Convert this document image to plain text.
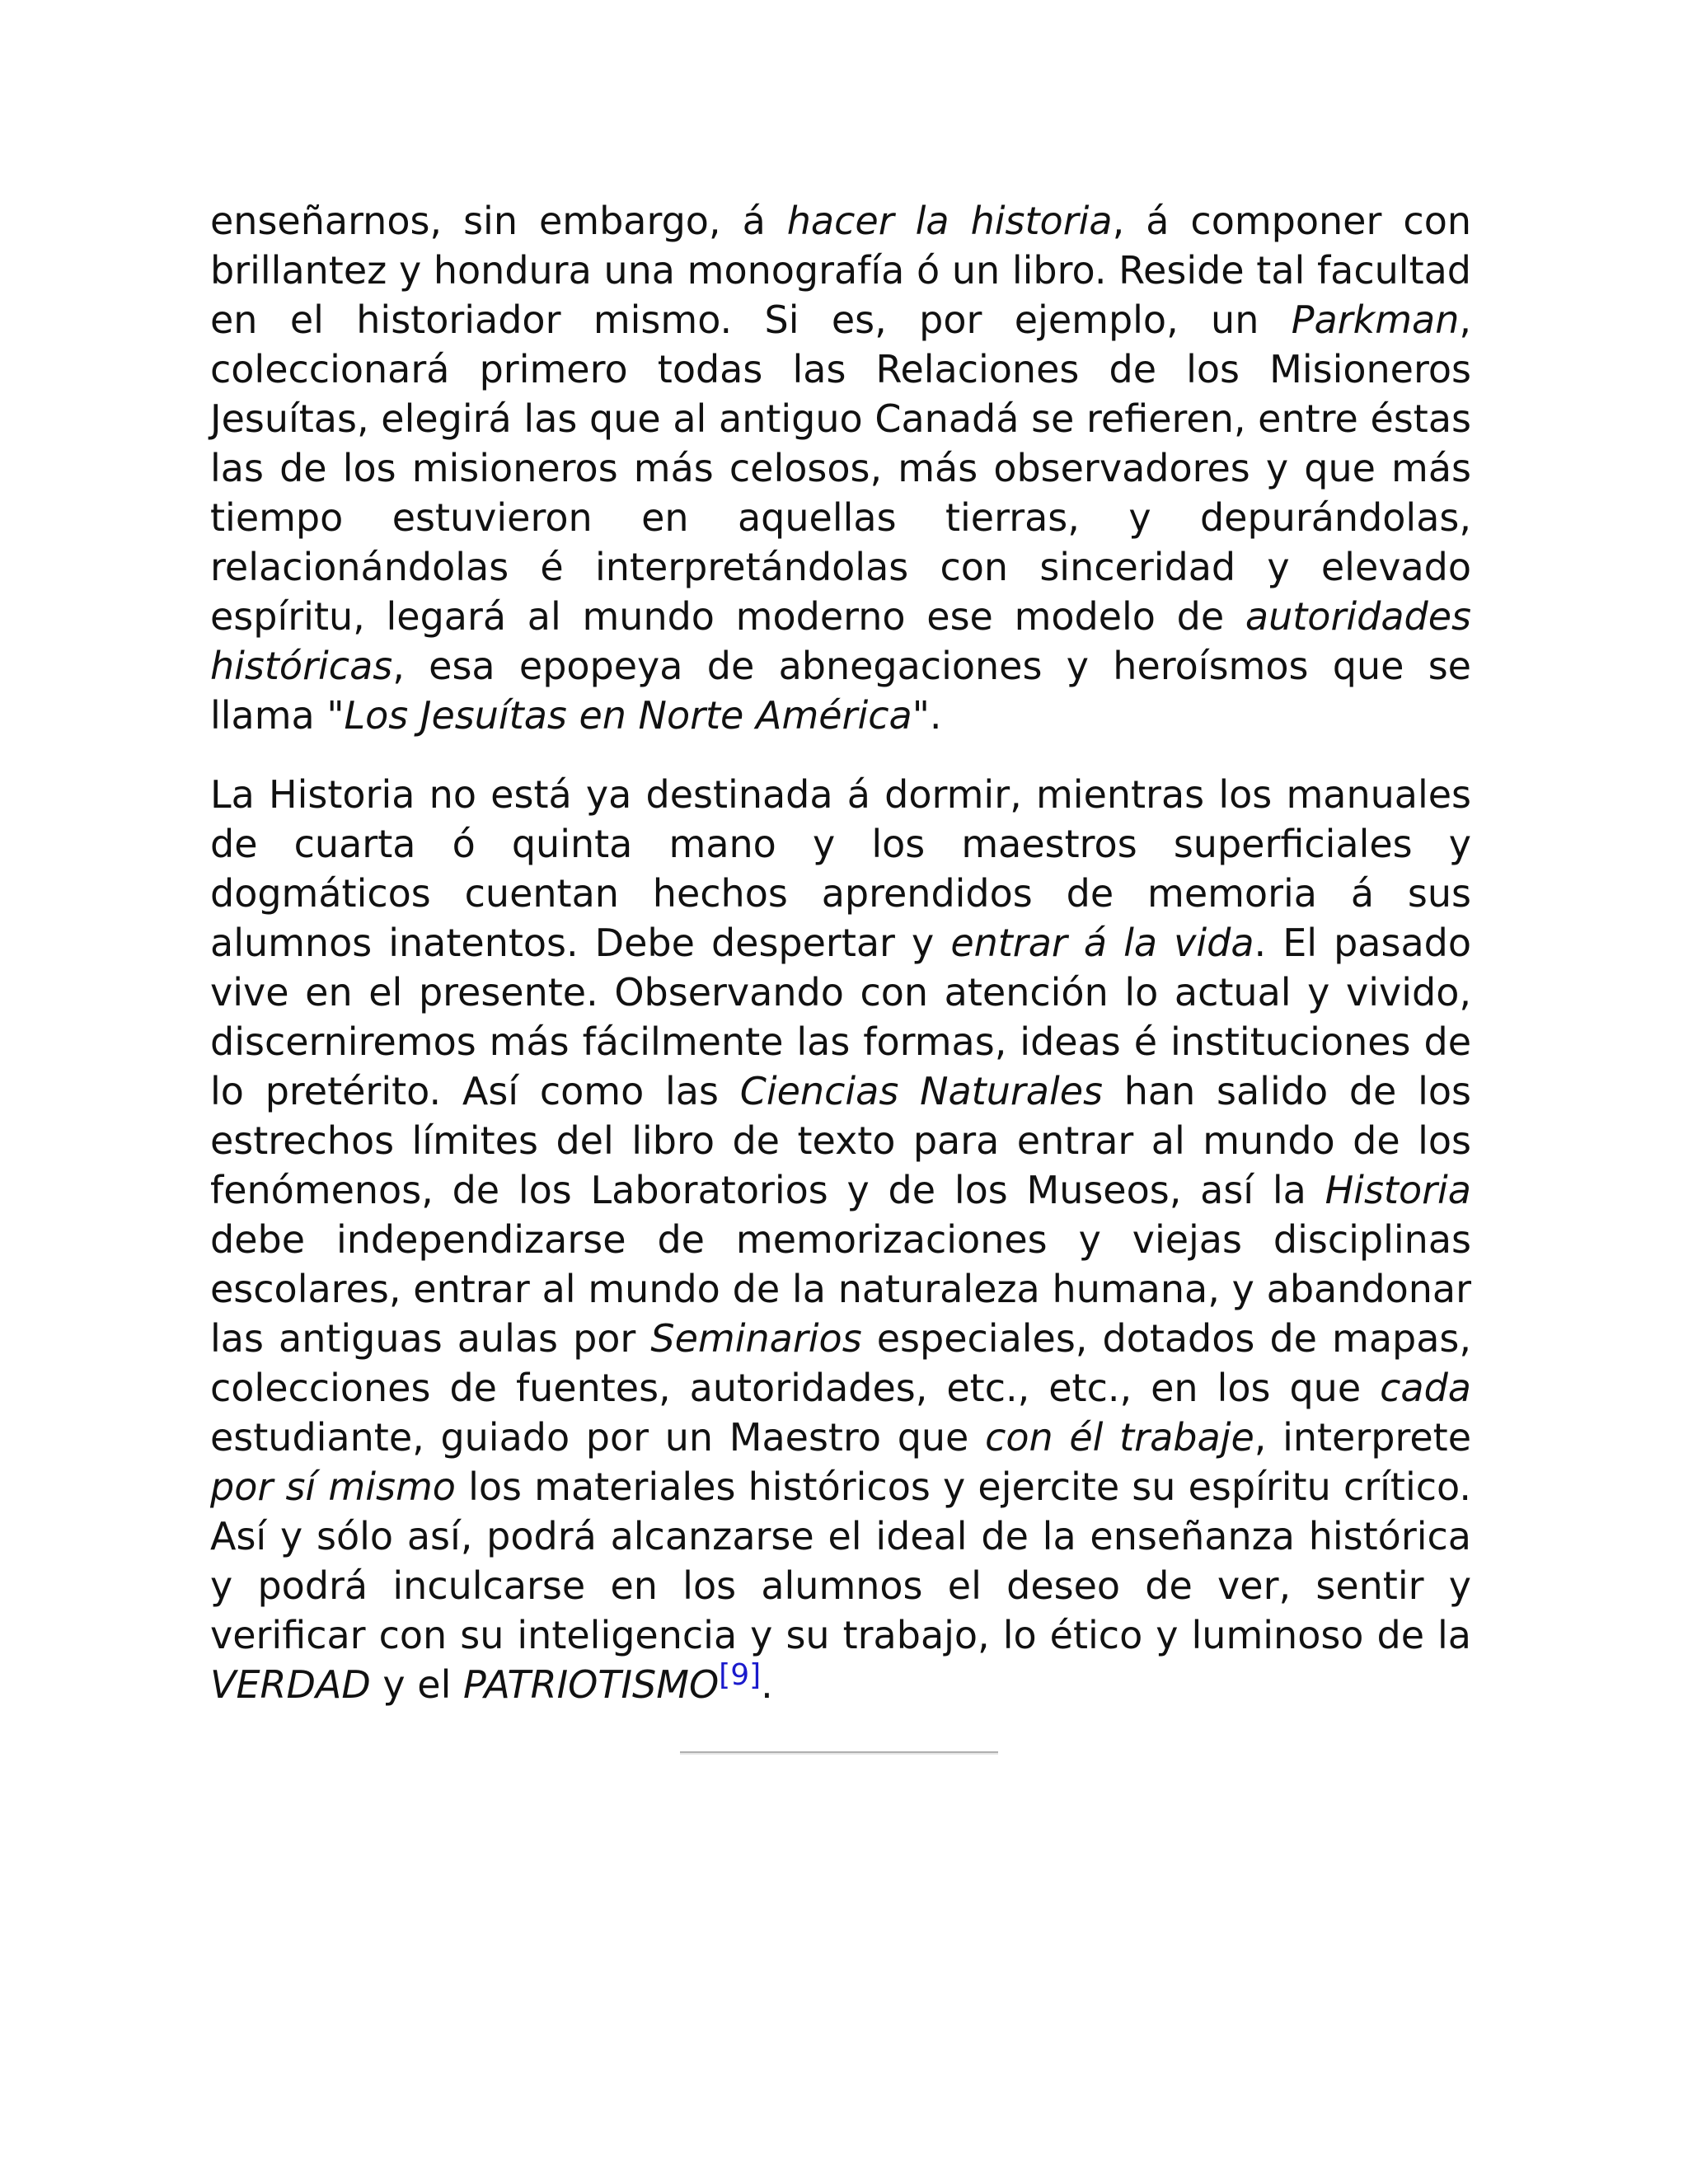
enseñarnos, sin embargo, á hacer la historia, á componer con brillantez y hondura una monografía ó un libro. Reside tal facultad en el historiador mismo. Si es, por ejemplo, un Parkman, coleccionará primero todas las Relaciones de los Misioneros Jesuítas, elegirá las que al antiguo Canadá se refieren, entre éstas las de los misioneros más celosos, más observadores y que más tiempo estuvieron en aquellas tierras, y depurándolas, relacionándolas é interpretándolas con sinceridad y elevado espíritu, legará al mundo moderno ese modelo de autoridades históricas, esa epopeya de abnegaciones y heroísmos que se llama "Los Jesuítas en Norte América".

La Historia no está ya destinada á dormir, mientras los manuales de cuarta ó quinta mano y los maestros superficiales y dogmáticos cuentan hechos aprendidos de memoria á sus alumnos inatentos. Debe despertar y entrar á la vida. El pasado vive en el presente. Observando con atención lo actual y vivido, discerniremos más fácilmente las formas, ideas é instituciones de lo pretérito. Así como las Ciencias Naturales han salido de los estrechos límites del libro de texto para entrar al mundo de los fenómenos, de los Laboratorios y de los Museos, así la Historia debe independizarse de memorizaciones y viejas disciplinas escolares, entrar al mundo de la naturaleza humana, y abandonar las antiguas aulas por Seminarios especiales, dotados de mapas, colecciones de fuentes, autoridades, etc., etc., en los que cada estudiante, guiado por un Maestro que con él trabaje, interprete por sí mismo los materiales históricos y ejercite su espíritu crítico. Así y sólo así, podrá alcanzarse el ideal de la enseñanza histórica y podrá inculcarse en los alumnos el deseo de ver, sentir y verificar con su inteligencia y su trabajo, lo ético y luminoso de la VERDAD y el PATRIOTISMO[9].
